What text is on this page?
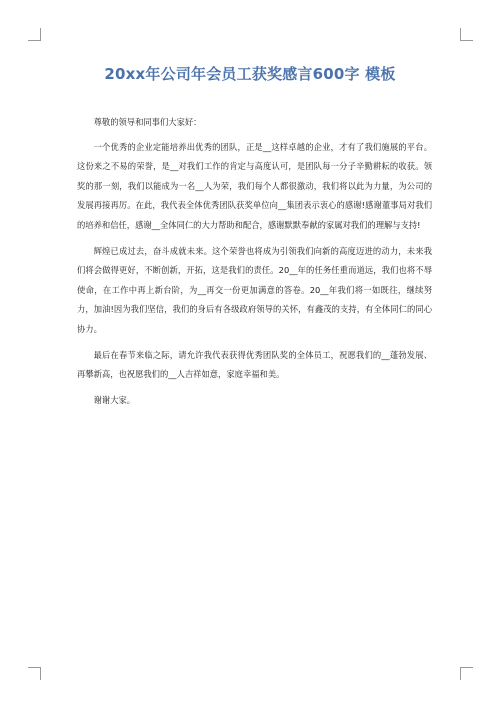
20xx年公司年会员工获奖感言600字 模板

尊敬的领导和同事们大家好：

一个优秀的企业定能培养出优秀的团队，正是__这样卓越的企业，才有了我们施展的平台。这份来之不易的荣誉，是__对我们工作的肯定与高度认可，是团队每一分子辛勤耕耘的收获。领奖的那一刻，我们以能成为一名__人为荣，我们每个人都很激动，我们将以此为力量，为公司的发展再接再厉。在此，我代表全体优秀团队获奖单位向__集团表示衷心的感谢!感谢董事局对我们的培养和信任，感谢__全体同仁的大力帮助和配合，感谢默默奉献的家属对我们的理解与支持!

辉煌已成过去，奋斗成就未来。这个荣誉也将成为引领我们向新的高度迈进的动力，未来我们将会做得更好，不断创新，开拓，这是我们的责任。20__年的任务任重而道远，我们也将不辱使命，在工作中再上新台阶，为__再交一份更加满意的答卷。20__年我们将一如既往，继续努力，加油!因为我们坚信，我们的身后有各级政府领导的关怀，有鑫茂的支持，有全体同仁的同心协力。

最后在春节来临之际，请允许我代表获得优秀团队奖的全体员工，祝愿我们的__蓬勃发展、再攀新高，也祝愿我们的__人吉祥如意，家庭幸福和美。

谢谢大家。
